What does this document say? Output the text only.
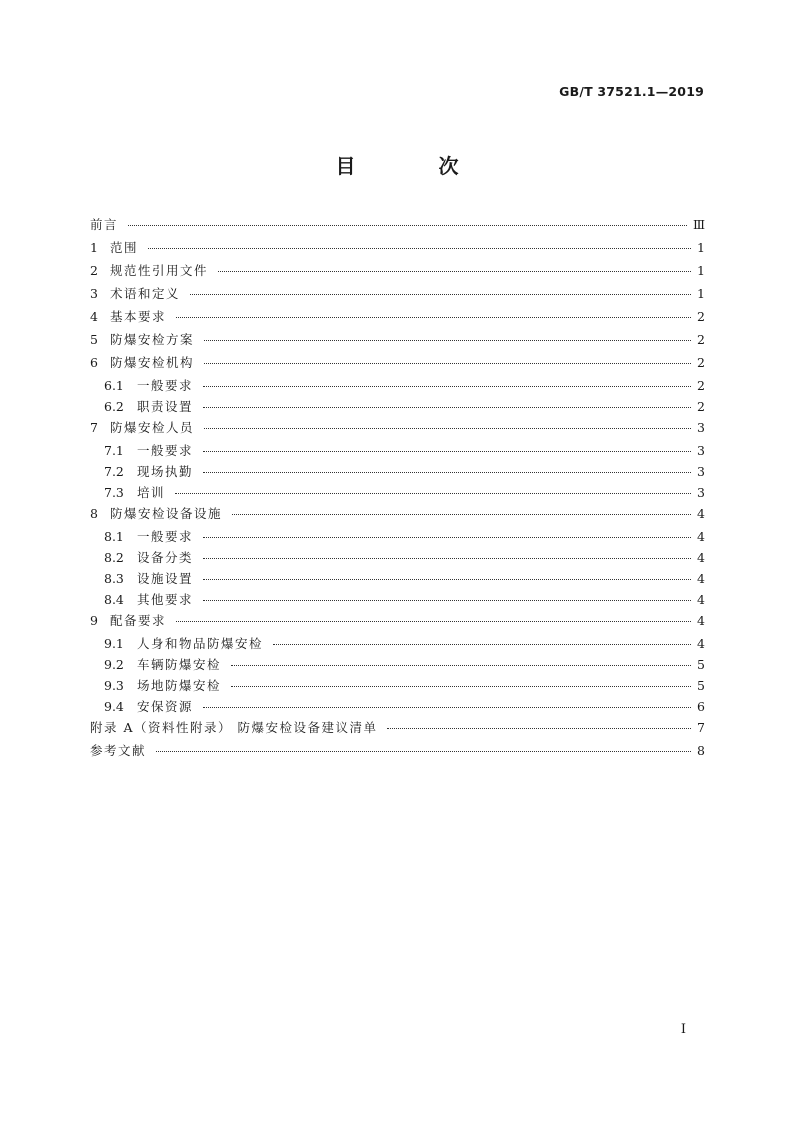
GB/T 37521.1—2019
目 次
前言	Ⅲ
1 范围	1
2 规范性引用文件	1
3 术语和定义	1
4 基本要求	2
5 防爆安检方案	2
6 防爆安检机构	2
6.1	一般要求	2
6.2	职责设置	2
7 防爆安检人员	3
7.1	一般要求	3
7.2	现场执勤	3
7.3	培训	3
8 防爆安检设备设施	4
8.1	一般要求	4
8.2	设备分类	4
8.3	设施设置	4
8.4	其他要求	4
9 配备要求	4
9.1	人身和物品防爆安检	4
9.2	车辆防爆安检	5
9.3	场地防爆安检	5
9.4	安保资源	6
附录 A（资料性附录） 防爆安检设备建议清单	7
参考文献	8
I
